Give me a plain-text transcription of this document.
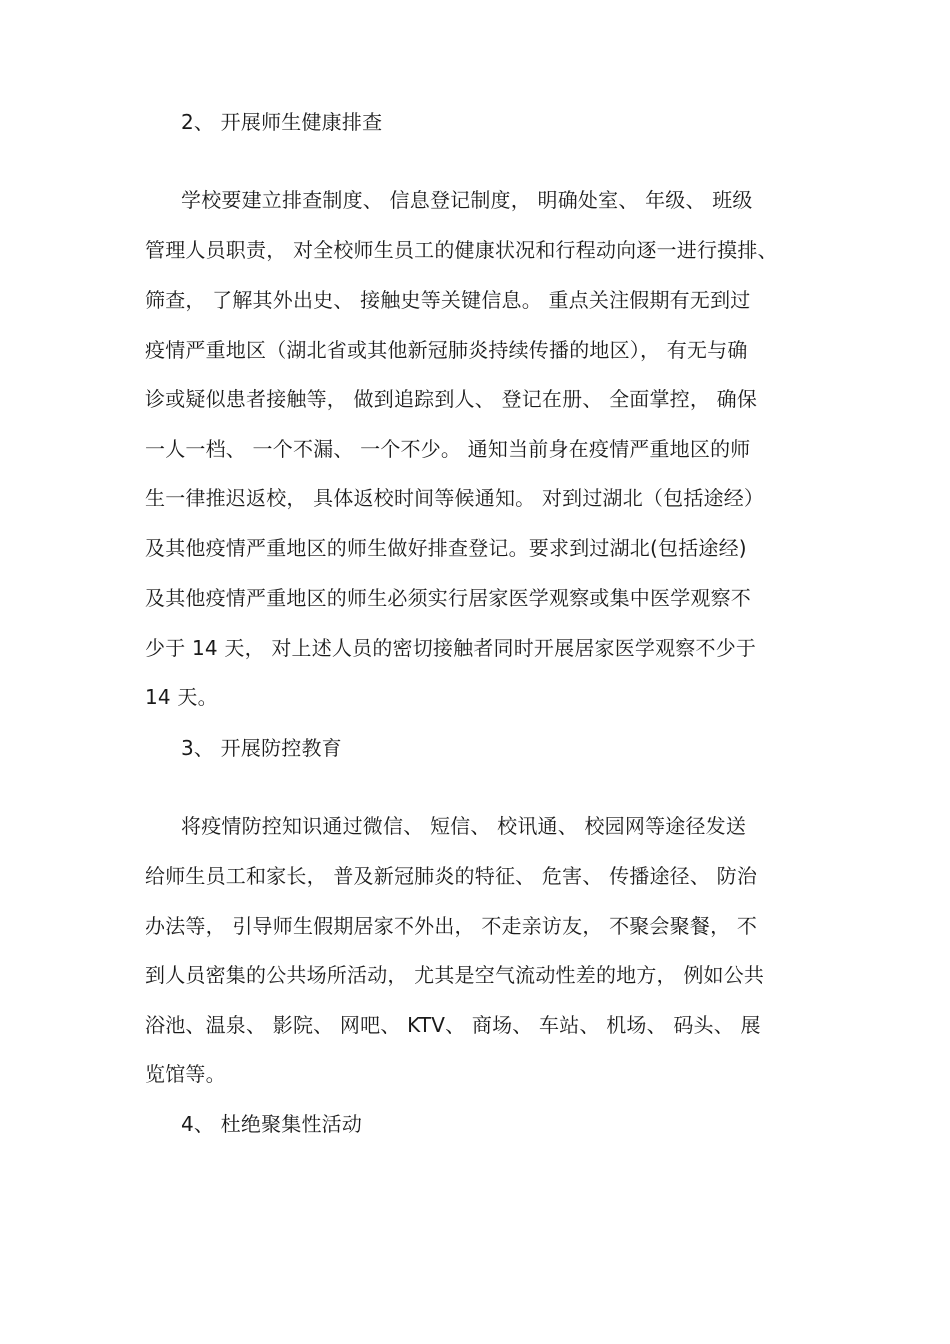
2、 开展师生健康排查
学校要建立排查制度、 信息登记制度， 明确处室、 年级、 班级
管理人员职责， 对全校师生员工的健康状况和行程动向逐一进行摸排、
筛查， 了解其外出史、 接触史等关键信息。 重点关注假期有无到过
疫情严重地区（湖北省或其他新冠肺炎持续传播的地区）， 有无与确
诊或疑似患者接触等， 做到追踪到人、 登记在册、 全面掌控， 确保
一人一档、 一个不漏、 一个不少。 通知当前身在疫情严重地区的师
生一律推迟返校， 具体返校时间等候通知。 对到过湖北（包括途经）
及其他疫情严重地区的师生做好排查登记。要求到过湖北(包括途经)
及其他疫情严重地区的师生必须实行居家医学观察或集中医学观察不
少于 14 天， 对上述人员的密切接触者同时开展居家医学观察不少于
14 天。
3、 开展防控教育
将疫情防控知识通过微信、 短信、 校讯通、 校园网等途径发送
给师生员工和家长， 普及新冠肺炎的特征、 危害、 传播途径、 防治
办法等， 引导师生假期居家不外出， 不走亲访友， 不聚会聚餐， 不
到人员密集的公共场所活动， 尤其是空气流动性差的地方， 例如公共
浴池、温泉、 影院、 网吧、 KTV、 商场、 车站、 机场、 码头、 展
览馆等。
4、 杜绝聚集性活动
